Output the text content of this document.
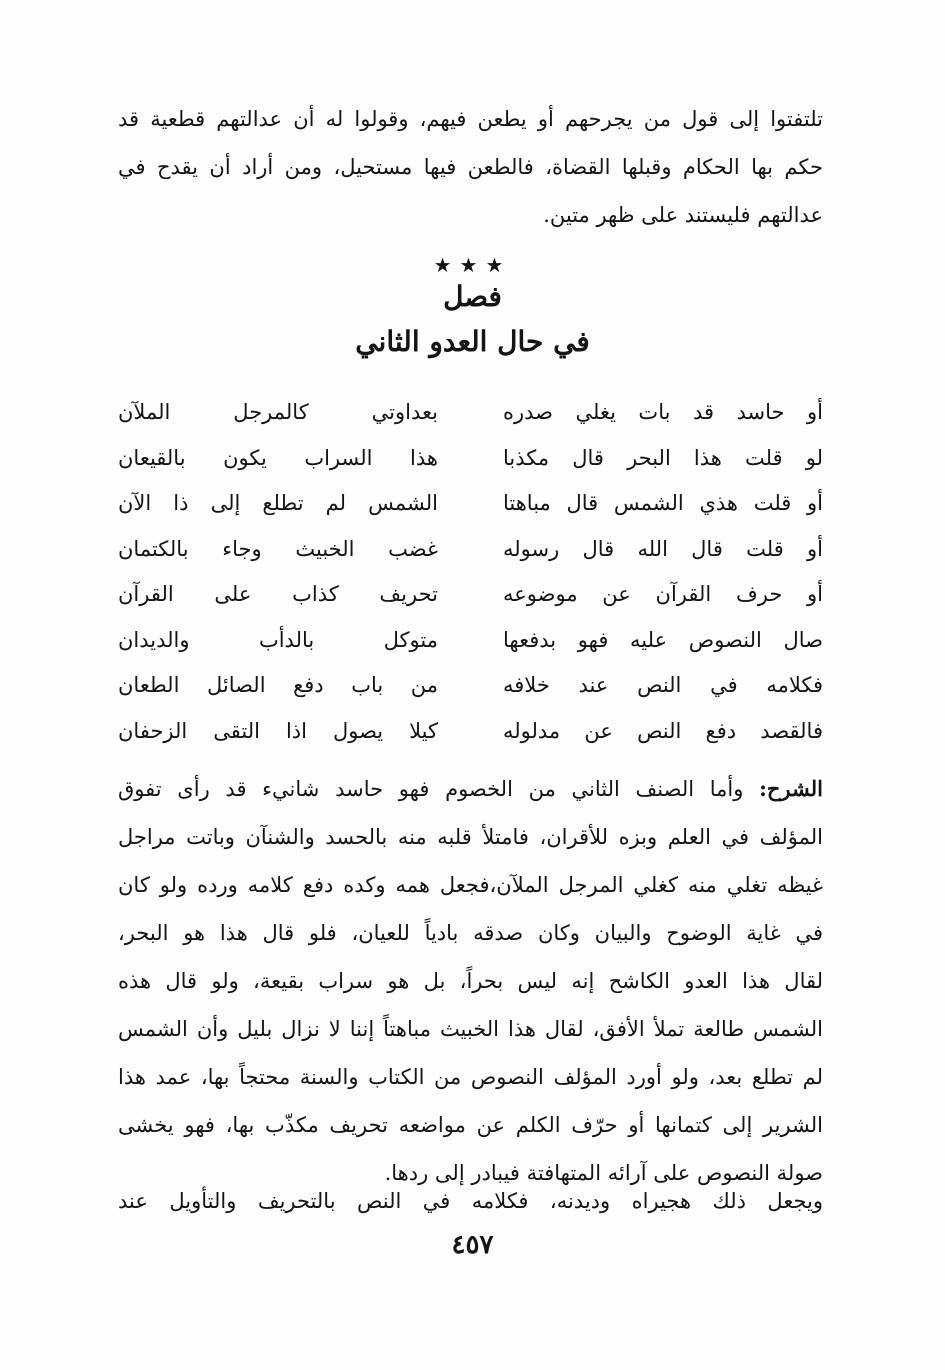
تلتفتوا إلى قول من يجرحهم أو يطعن فيهم، وقولوا له أن عدالتهم قطعية قد
حكم بها الحكام وقبلها القضاة، فالطعن فيها مستحيل، ومن أراد أن يقدح في
عدالتهم فليستند على ظهر متين.
★★★
فصل
في حال العدو الثاني
أو حاسد قد بات يغلي صدره
بعداوتي كالمرجل الملآن
لو قلت هذا البحر قال مكذبا
هذا السراب يكون بالقيعان
أو قلت هذي الشمس قال مباهتا
الشمس لم تطلع إلى ذا الآن
أو قلت قال الله قال رسوله
غضب الخبيث وجاء بالكتمان
أو حرف القرآن عن موضوعه
تحريف كذاب على القرآن
صال النصوص عليه فهو بدفعها
متوكل بالدأب والديدان
فكلامه في النص عند خلافه
من باب دفع الصائل الطعان
فالقصد دفع النص عن مدلوله
كيلا يصول اذا التقى الزحفان
الشرح: وأما الصنف الثاني من الخصوم فهو حاسد شانيء قد رأى تفوق
المؤلف في العلم وبزه للأقران، فامتلأ قلبه منه بالحسد والشنآن وباتت مراجل
غيظه تغلي منه كغلي المرجل الملآن،فجعل همه وكده دفع كلامه ورده ولو كان
في غاية الوضوح والبيان وكان صدقه بادياً للعيان، فلو قال هذا هو البحر،
لقال هذا العدو الكاشح إنه ليس بحراً، بل هو سراب بقيعة، ولو قال هذه
الشمس طالعة تملأ الأفق، لقال هذا الخبيث مباهتاً إننا لا نزال بليل وأن الشمس
لم تطلع بعد، ولو أورد المؤلف النصوص من الكتاب والسنة محتجاً بها، عمد هذا
الشرير إلى كتمانها أو حرّف الكلم عن مواضعه تحريف مكذّب بها، فهو يخشى
صولة النصوص على آرائه المتهافتة فيبادر إلى ردها.
ويجعل ذلك هجيراه وديدنه، فكلامه في النص بالتحريف والتأويل عند
٤٥٧
